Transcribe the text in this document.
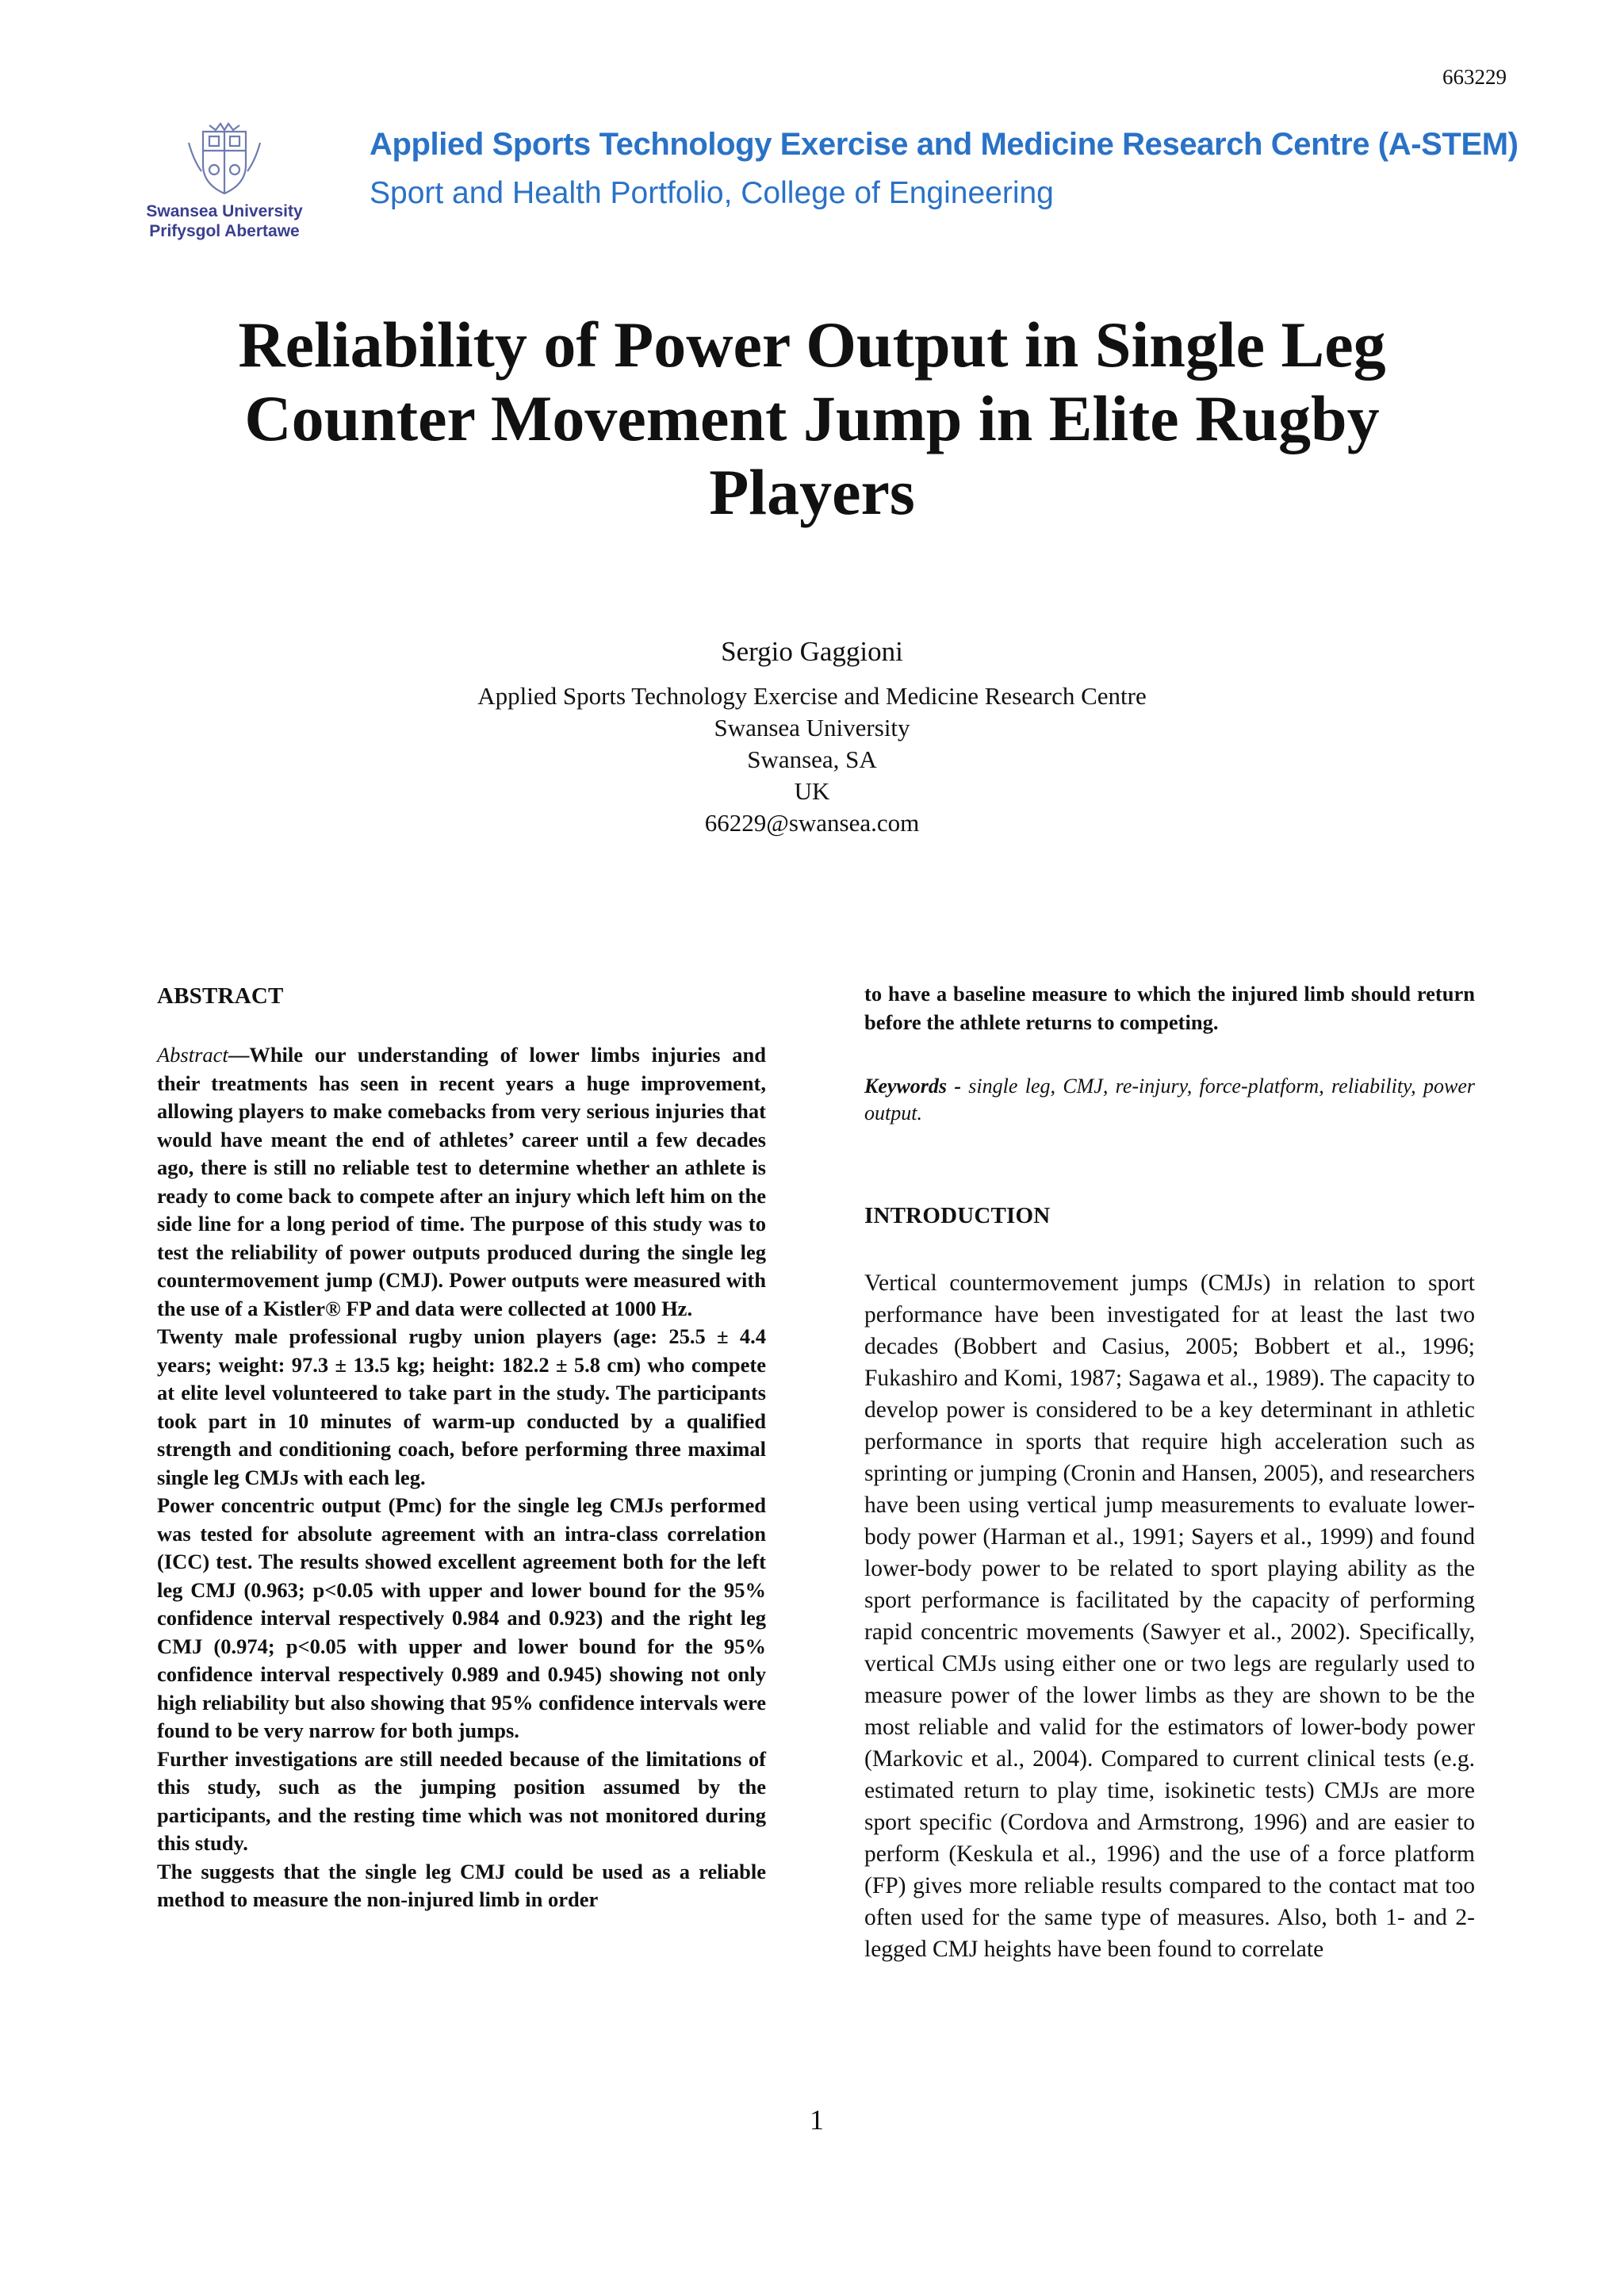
663229
Swansea University
Prifysgol Abertawe
Applied Sports Technology Exercise and Medicine Research Centre (A-STEM)
Sport and Health Portfolio, College of Engineering
Reliability of Power Output in Single Leg Counter Movement Jump in Elite Rugby Players
Sergio Gaggioni
Applied Sports Technology Exercise and Medicine Research Centre
Swansea University
Swansea, SA
UK
66229@swansea.com
ABSTRACT

Abstract—While our understanding of lower limbs injuries and their treatments has seen in recent years a huge improvement, allowing players to make comebacks from very serious injuries that would have meant the end of athletes’ career until a few decades ago, there is still no reliable test to determine whether an athlete is ready to come back to compete after an injury which left him on the side line for a long period of time. The purpose of this study was to test the reliability of power outputs produced during the single leg countermovement jump (CMJ). Power outputs were measured with the use of a Kistler® FP and data were collected at 1000 Hz.

Twenty male professional rugby union players (age: 25.5 ± 4.4 years; weight: 97.3 ± 13.5 kg; height: 182.2 ± 5.8 cm) who compete at elite level volunteered to take part in the study. The participants took part in 10 minutes of warm-up conducted by a qualified strength and conditioning coach, before performing three maximal single leg CMJs with each leg.

Power concentric output (Pmc) for the single leg CMJs performed was tested for absolute agreement with an intra-class correlation (ICC) test. The results showed excellent agreement both for the left leg CMJ (0.963; p<0.05 with upper and lower bound for the 95% confidence interval respectively 0.984 and 0.923) and the right leg CMJ (0.974; p<0.05 with upper and lower bound for the 95% confidence interval respectively 0.989 and 0.945) showing not only high reliability but also showing that 95% confidence intervals were found to be very narrow for both jumps.

Further investigations are still needed because of the limitations of this study, such as the jumping position assumed by the participants, and the resting time which was not monitored during this study.

The suggests that the single leg CMJ could be used as a reliable method to measure the non-injured limb in order

to have a baseline measure to which the injured limb should return before the athlete returns to competing.

Keywords - single leg, CMJ, re-injury, force-platform, reliability, power output.
INTRODUCTION
Vertical countermovement jumps (CMJs) in relation to sport performance have been investigated for at least the last two decades (Bobbert and Casius, 2005; Bobbert et al., 1996; Fukashiro and Komi, 1987; Sagawa et al., 1989). The capacity to develop power is considered to be a key determinant in athletic performance in sports that require high acceleration such as sprinting or jumping (Cronin and Hansen, 2005), and researchers have been using vertical jump measurements to evaluate lower-body power (Harman et al., 1991; Sayers et al., 1999) and found lower-body power to be related to sport playing ability as the sport performance is facilitated by the capacity of performing rapid concentric movements (Sawyer et al., 2002). Specifically, vertical CMJs using either one or two legs are regularly used to measure power of the lower limbs as they are shown to be the most reliable and valid for the estimators of lower-body power (Markovic et al., 2004). Compared to current clinical tests (e.g. estimated return to play time, isokinetic tests) CMJs are more sport specific (Cordova and Armstrong, 1996) and are easier to perform (Keskula et al., 1996) and the use of a force platform (FP) gives more reliable results compared to the contact mat too often used for the same type of measures. Also, both 1- and 2-legged CMJ heights have been found to correlate
1
